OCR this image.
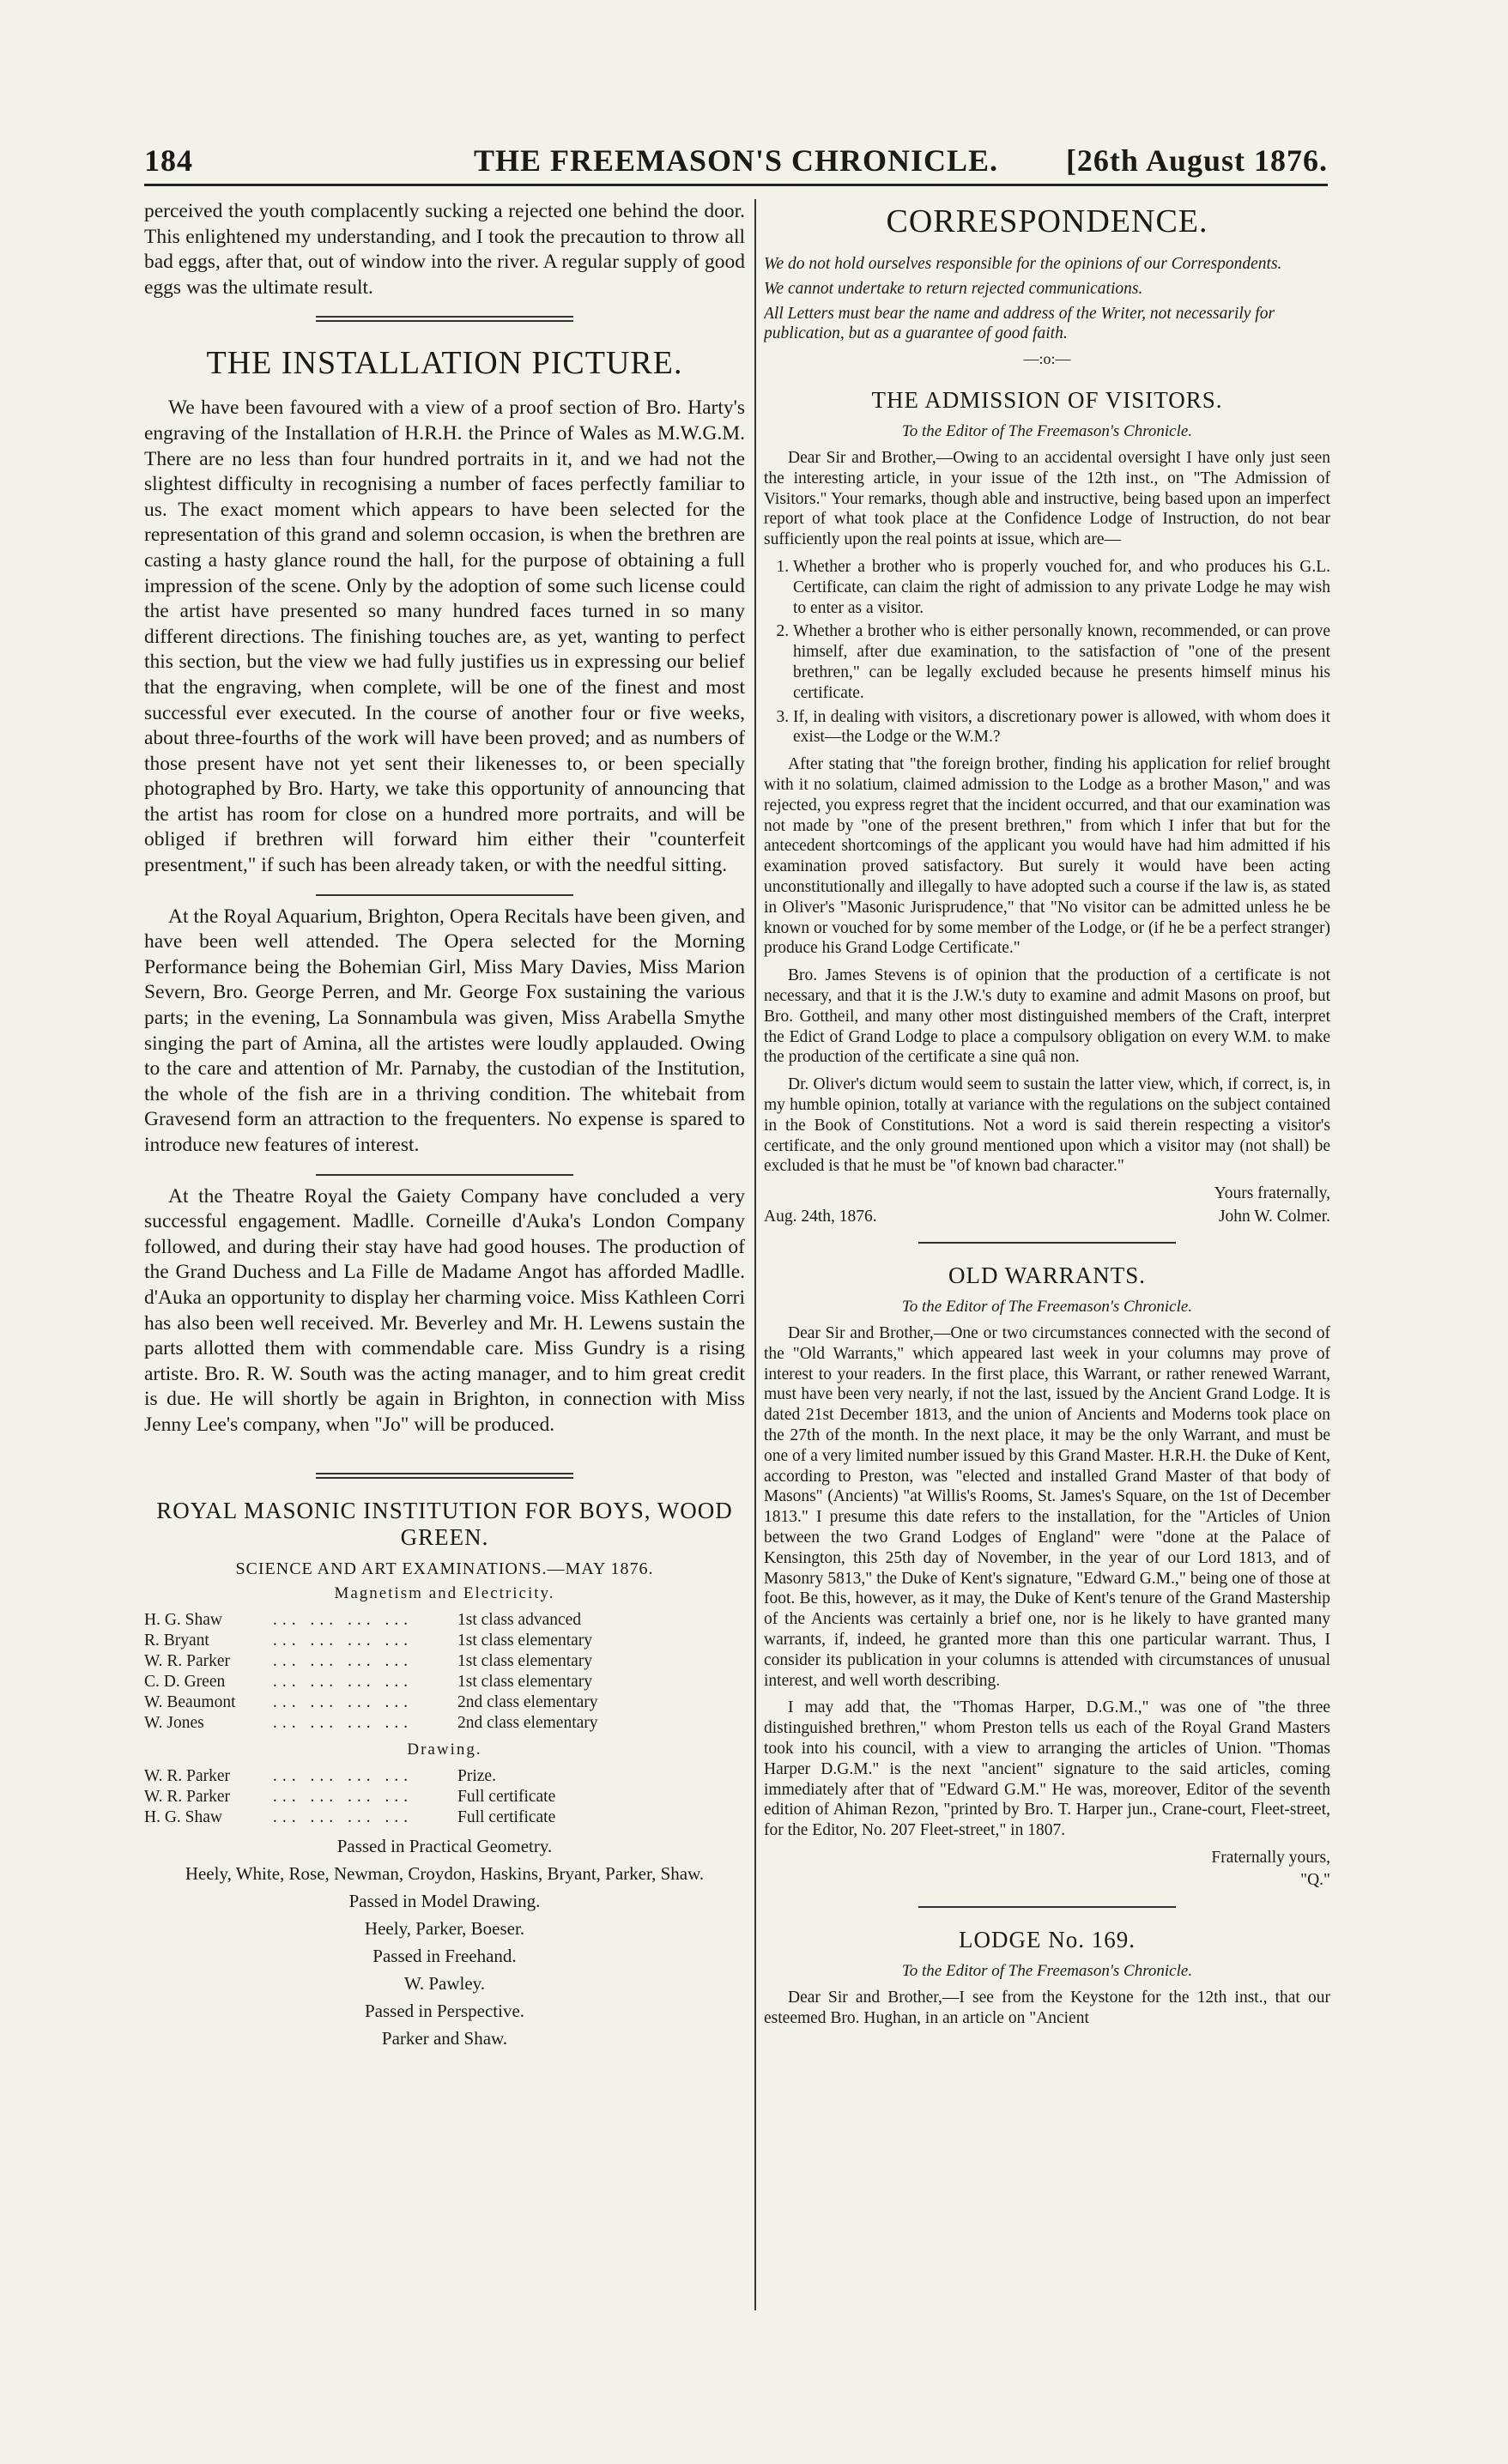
184	THE FREEMASON'S CHRONICLE.	[26th August 1876.

perceived the youth complacently sucking a rejected one behind the door. This enlightened my understanding, and I took the precaution to throw all bad eggs, after that, out of window into the river. A regular supply of good eggs was the ultimate result.

THE INSTALLATION PICTURE.

We have been favoured with a view of a proof section of Bro. Harty's engraving of the Installation of H.R.H. the Prince of Wales as M.W.G.M. There are no less than four hundred portraits in it, and we had not the slightest difficulty in recognising a number of faces perfectly familiar to us. The exact moment which appears to have been selected for the representation of this grand and solemn occasion, is when the brethren are casting a hasty glance round the hall, for the purpose of obtaining a full impression of the scene. Only by the adoption of some such license could the artist have presented so many hundred faces turned in so many different directions. The finishing touches are, as yet, wanting to perfect this section, but the view we had fully justifies us in expressing our belief that the engraving, when complete, will be one of the finest and most successful ever executed. In the course of another four or five weeks, about three-fourths of the work will have been proved; and as numbers of those present have not yet sent their likenesses to, or been specially photographed by Bro. Harty, we take this opportunity of announcing that the artist has room for close on a hundred more portraits, and will be obliged if brethren will forward him either their "counterfeit presentment," if such has been already taken, or with the needful sitting.

At the Royal Aquarium, Brighton, Opera Recitals have been given, and have been well attended. The Opera selected for the Morning Performance being the Bohemian Girl, Miss Mary Davies, Miss Marion Severn, Bro. George Perren, and Mr. George Fox sustaining the various parts; in the evening, La Sonnambula was given, Miss Arabella Smythe singing the part of Amina, all the artistes were loudly applauded. Owing to the care and attention of Mr. Parnaby, the custodian of the Institution, the whole of the fish are in a thriving condition. The whitebait from Gravesend form an attraction to the frequenters. No expense is spared to introduce new features of interest.

At the Theatre Royal the Gaiety Company have concluded a very successful engagement. Madlle. Corneille d'Auka's London Company followed, and during their stay have had good houses. The production of the Grand Duchess and La Fille de Madame Angot has afforded Madlle. d'Auka an opportunity to display her charming voice. Miss Kathleen Corri has also been well received. Mr. Beverley and Mr. H. Lewens sustain the parts allotted them with commendable care. Miss Gundry is a rising artiste. Bro. R. W. South was the acting manager, and to him great credit is due. He will shortly be again in Brighton, in connection with Miss Jenny Lee's company, when "Jo" will be produced.

ROYAL MASONIC INSTITUTION FOR BOYS, WOOD GREEN.
SCIENCE AND ART EXAMINATIONS.—MAY 1876.
Magnetism and Electricity.
H. G. Shaw	... ... ... ...	1st class advanced
R. Bryant	... ... ... ...	1st class elementary
W. R. Parker	... ... ... ...	1st class elementary
C. D. Green	... ... ... ...	1st class elementary
W. Beaumont	... ... ... ...	2nd class elementary
W. Jones	... ... ... ...	2nd class elementary
Drawing.
W. R. Parker	... ... ... ...	Prize.
W. R. Parker	... ... ... ...	Full certificate
H. G. Shaw	... ... ... ...	Full certificate
Passed in Practical Geometry.
Heely, White, Rose, Newman, Croydon, Haskins, Bryant, Parker, Shaw.
Passed in Model Drawing.
Heely, Parker, Boeser.
Passed in Freehand.
W. Pawley.
Passed in Perspective.
Parker and Shaw.
CORRESPONDENCE.
We do not hold ourselves responsible for the opinions of our Correspondents.
We cannot undertake to return rejected communications.
All Letters must bear the name and address of the Writer, not necessarily for publication, but as a guarantee of good faith.
—:o:—
THE ADMISSION OF VISITORS.
To the Editor of The Freemason's Chronicle.

Dear Sir and Brother,—Owing to an accidental oversight I have only just seen the interesting article, in your issue of the 12th inst., on "The Admission of Visitors." Your remarks, though able and instructive, being based upon an imperfect report of what took place at the Confidence Lodge of Instruction, do not bear sufficiently upon the real points at issue, which are—

1. Whether a brother who is properly vouched for, and who produces his G.L. Certificate, can claim the right of admission to any private Lodge he may wish to enter as a visitor.
2. Whether a brother who is either personally known, recommended, or can prove himself, after due examination, to the satisfaction of "one of the present brethren," can be legally excluded because he presents himself minus his certificate.
3. If, in dealing with visitors, a discretionary power is allowed, with whom does it exist—the Lodge or the W.M.?

After stating that "the foreign brother, finding his application for relief brought with it no solatium, claimed admission to the Lodge as a brother Mason," and was rejected, you express regret that the incident occurred, and that our examination was not made by "one of the present brethren," from which I infer that but for the antecedent shortcomings of the applicant you would have had him admitted if his examination proved satisfactory. But surely it would have been acting unconstitutionally and illegally to have adopted such a course if the law is, as stated in Oliver's "Masonic Jurisprudence," that "No visitor can be admitted unless he be known or vouched for by some member of the Lodge, or (if he be a perfect stranger) produce his Grand Lodge Certificate."

Bro. James Stevens is of opinion that the production of a certificate is not necessary, and that it is the J.W.'s duty to examine and admit Masons on proof, but Bro. Gottheil, and many other most distinguished members of the Craft, interpret the Edict of Grand Lodge to place a compulsory obligation on every W.M. to make the production of the certificate a sine quâ non.

Dr. Oliver's dictum would seem to sustain the latter view, which, if correct, is, in my humble opinion, totally at variance with the regulations on the subject contained in the Book of Constitutions. Not a word is said therein respecting a visitor's certificate, and the only ground mentioned upon which a visitor may (not shall) be excluded is that he must be "of known bad character."

Yours fraternally,
Aug. 24th, 1876.	John W. Colmer.
OLD WARRANTS.
To the Editor of The Freemason's Chronicle.

Dear Sir and Brother,—One or two circumstances connected with the second of the "Old Warrants," which appeared last week in your columns may prove of interest to your readers. In the first place, this Warrant, or rather renewed Warrant, must have been very nearly, if not the last, issued by the Ancient Grand Lodge. It is dated 21st December 1813, and the union of Ancients and Moderns took place on the 27th of the month. In the next place, it may be the only Warrant, and must be one of a very limited number issued by this Grand Master. H.R.H. the Duke of Kent, according to Preston, was "elected and installed Grand Master of that body of Masons" (Ancients) "at Willis's Rooms, St. James's Square, on the 1st of December 1813." I presume this date refers to the installation, for the "Articles of Union between the two Grand Lodges of England" were "done at the Palace of Kensington, this 25th day of November, in the year of our Lord 1813, and of Masonry 5813," the Duke of Kent's signature, "Edward G.M.," being one of those at foot. Be this, however, as it may, the Duke of Kent's tenure of the Grand Mastership of the Ancients was certainly a brief one, nor is he likely to have granted many warrants, if, indeed, he granted more than this one particular warrant. Thus, I consider its publication in your columns is attended with circumstances of unusual interest, and well worth describing.

I may add that, the "Thomas Harper, D.G.M.," was one of "the three distinguished brethren," whom Preston tells us each of the Royal Grand Masters took into his council, with a view to arranging the articles of Union. "Thomas Harper D.G.M." is the next "ancient" signature to the said articles, coming immediately after that of "Edward G.M." He was, moreover, Editor of the seventh edition of Ahiman Rezon, "printed by Bro. T. Harper jun., Crane-court, Fleet-street, for the Editor, No. 207 Fleet-street," in 1807.

Fraternally yours,
"Q."
LODGE No. 169.
To the Editor of The Freemason's Chronicle.

Dear Sir and Brother,—I see from the Keystone for the 12th inst., that our esteemed Bro. Hughan, in an article on "Ancient
